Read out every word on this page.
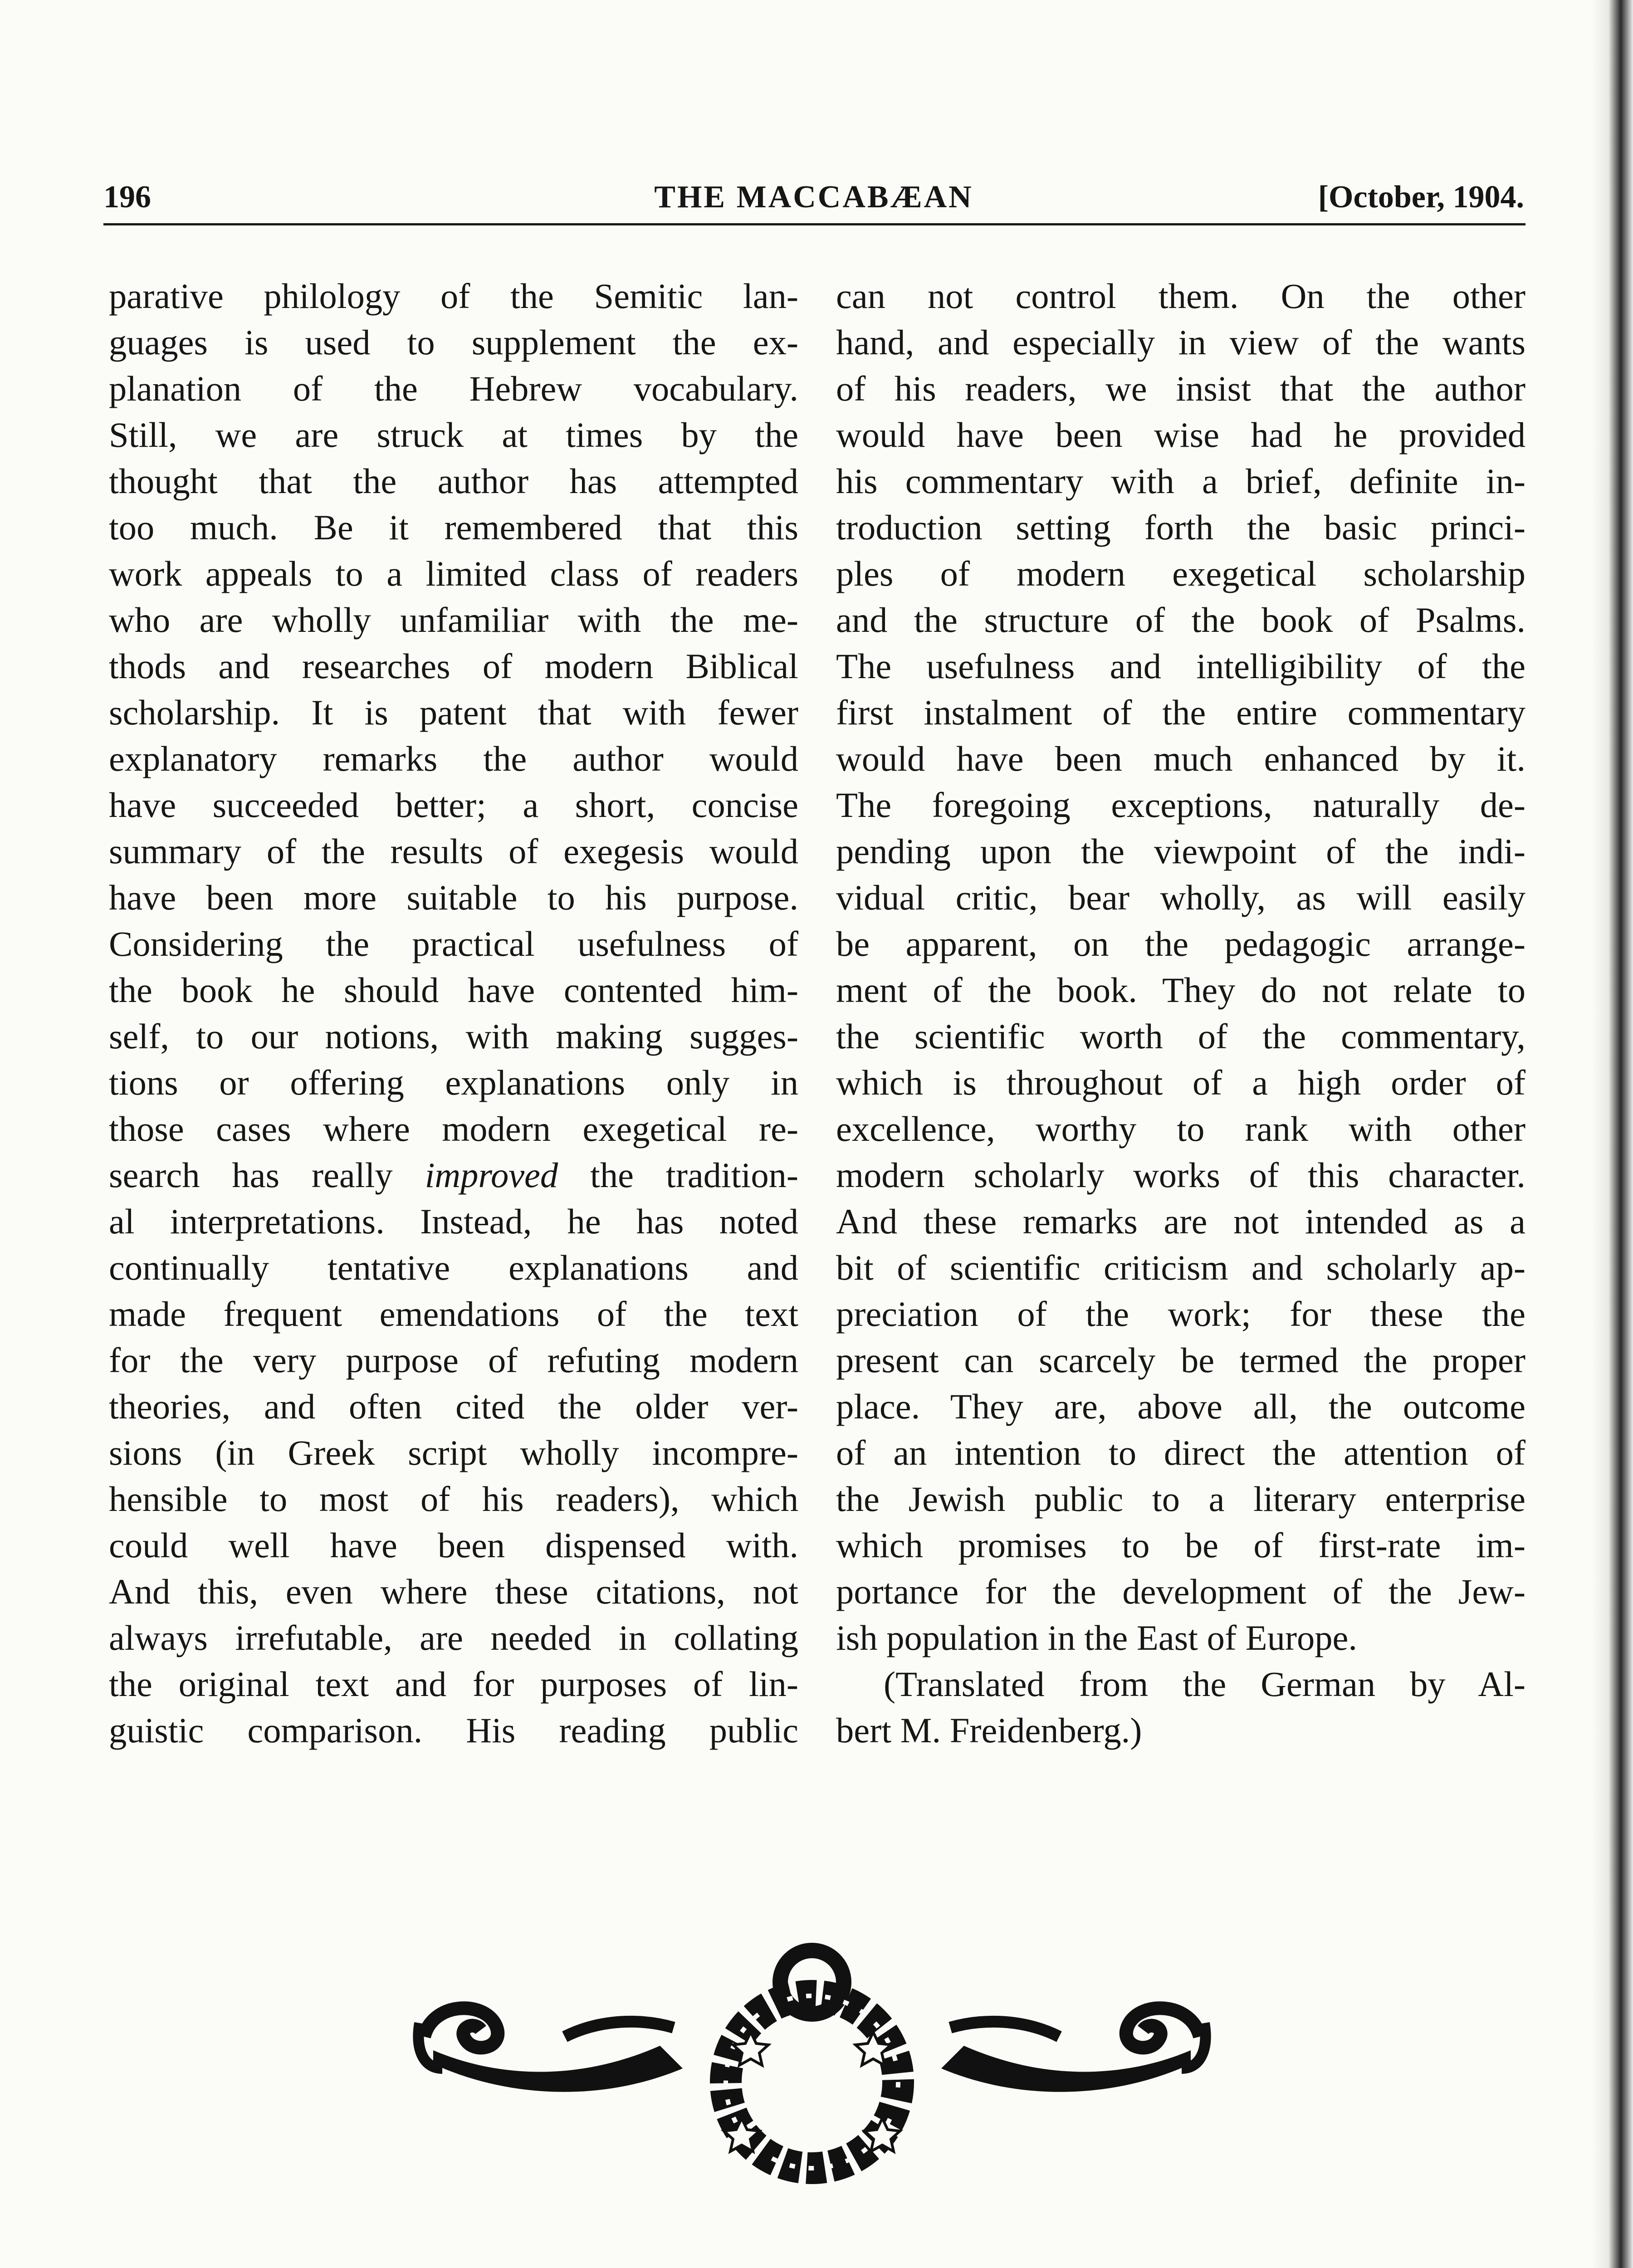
196	THE MACCABÆAN	[October, 1904.
parative philology of the Semitic lan-
guages is used to supplement the ex-
planation of the Hebrew vocabulary.
Still, we are struck at times by the
thought that the author has attempted
too much. Be it remembered that this
work appeals to a limited class of readers
who are wholly unfamiliar with the me-
thods and researches of modern Biblical
scholarship. It is patent that with fewer
explanatory remarks the author would
have succeeded better; a short, concise
summary of the results of exegesis would
have been more suitable to his purpose.
Considering the practical usefulness of
the book he should have contented him-
self, to our notions, with making sugges-
tions or offering explanations only in
those cases where modern exegetical re-
search has really improved the tradition-
al interpretations. Instead, he has noted
continually tentative explanations and
made frequent emendations of the text
for the very purpose of refuting modern
theories, and often cited the older ver-
sions (in Greek script wholly incompre-
hensible to most of his readers), which
could well have been dispensed with.
And this, even where these citations, not
always irrefutable, are needed in collating
the original text and for purposes of lin-
guistic comparison. His reading public
can not control them. On the other
hand, and especially in view of the wants
of his readers, we insist that the author
would have been wise had he provided
his commentary with a brief, definite in-
troduction setting forth the basic princi-
ples of modern exegetical scholarship
and the structure of the book of Psalms.
The usefulness and intelligibility of the
first instalment of the entire commentary
would have been much enhanced by it.
The foregoing exceptions, naturally de-
pending upon the viewpoint of the indi-
vidual critic, bear wholly, as will easily
be apparent, on the pedagogic arrange-
ment of the book. They do not relate to
the scientific worth of the commentary,
which is throughout of a high order of
excellence, worthy to rank with other
modern scholarly works of this character.
And these remarks are not intended as a
bit of scientific criticism and scholarly ap-
preciation of the work; for these the
present can scarcely be termed the proper
place. They are, above all, the outcome
of an intention to direct the attention of
the Jewish public to a literary enterprise
which promises to be of first-rate im-
portance for the development of the Jew-
ish population in the East of Europe.
(Translated from the German by Al-
bert M. Freidenberg.)
